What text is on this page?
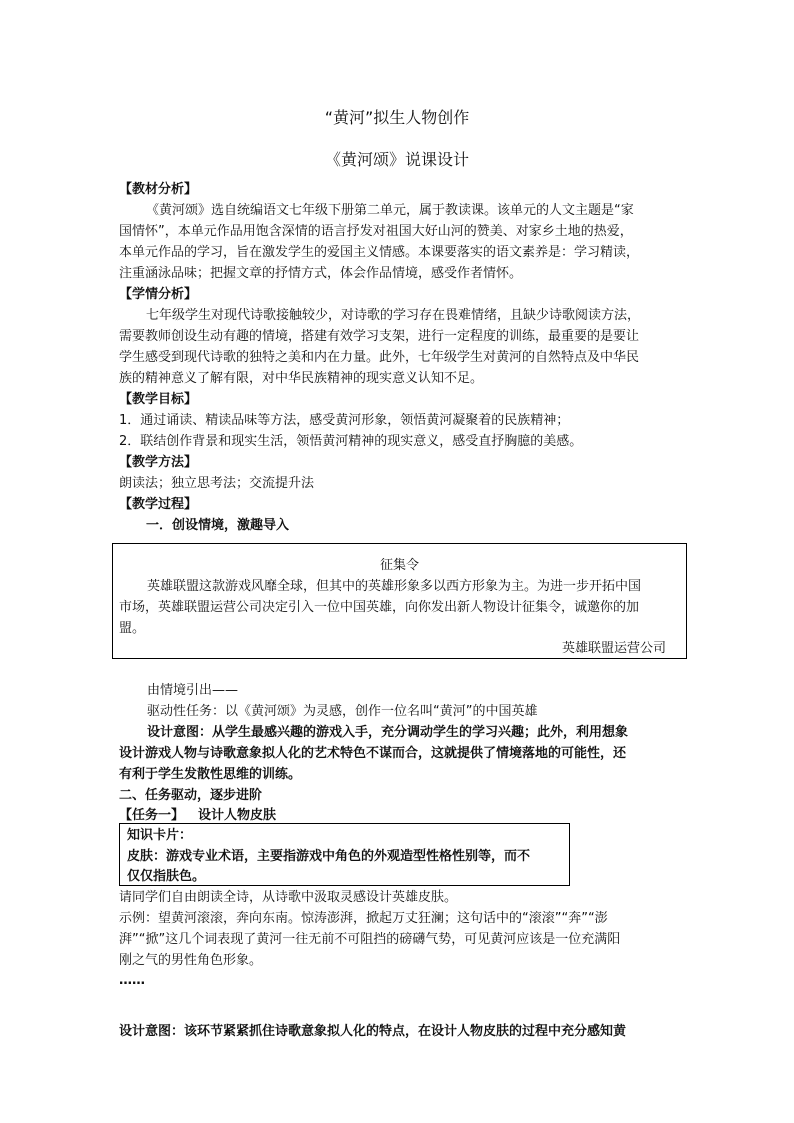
“黄河”拟生人物创作
《黄河颂》说课设计
【教材分析】
《黄河颂》选自统编语文七年级下册第二单元，属于教读课。该单元的人文主题是“家
国情怀”，本单元作品用饱含深情的语言抒发对祖国大好山河的赞美、对家乡土地的热爱，
本单元作品的学习，旨在激发学生的爱国主义情感。本课要落实的语文素养是：学习精读，
注重涵泳品味；把握文章的抒情方式，体会作品情境，感受作者情怀。
【学情分析】
七年级学生对现代诗歌接触较少，对诗歌的学习存在畏难情绪，且缺少诗歌阅读方法，
需要教师创设生动有趣的情境，搭建有效学习支架，进行一定程度的训练，最重要的是要让
学生感受到现代诗歌的独特之美和内在力量。此外，七年级学生对黄河的自然特点及中华民
族的精神意义了解有限，对中华民族精神的现实意义认知不足。
【教学目标】
1．通过诵读、精读品味等方法，感受黄河形象，领悟黄河凝聚着的民族精神；
2．联结创作背景和现实生活，领悟黄河精神的现实意义，感受直抒胸臆的美感。
【教学方法】
朗读法；独立思考法；交流提升法
【教学过程】
一．创设情境，激趣导入
征集令
英雄联盟这款游戏风靡全球，但其中的英雄形象多以西方形象为主。为进一步开拓中国
市场，英雄联盟运营公司决定引入一位中国英雄，向你发出新人物设计征集令，诚邀你的加
盟。
英雄联盟运营公司
由情境引出——
驱动性任务：以《黄河颂》为灵感，创作一位名叫“黄河”的中国英雄
设计意图：从学生最感兴趣的游戏入手，充分调动学生的学习兴趣；此外，利用想象
设计游戏人物与诗歌意象拟人化的艺术特色不谋而合，这就提供了情境落地的可能性，还
有利于学生发散性思维的训练。
二、任务驱动，逐步进阶
【任务一】 设计人物皮肤
知识卡片：
皮肤：游戏专业术语，主要指游戏中角色的外观造型性格性别等，而不
仅仅指肤色。
请同学们自由朗读全诗，从诗歌中汲取灵感设计英雄皮肤。
示例：望黄河滚滚，奔向东南。惊涛澎湃，掀起万丈狂澜；这句话中的“滚滚”“奔”“澎
湃”“掀”这几个词表现了黄河一往无前不可阻挡的磅礴气势，可见黄河应该是一位充满阳
刚之气的男性角色形象。
……
设计意图：该环节紧紧抓住诗歌意象拟人化的特点，在设计人物皮肤的过程中充分感知黄
